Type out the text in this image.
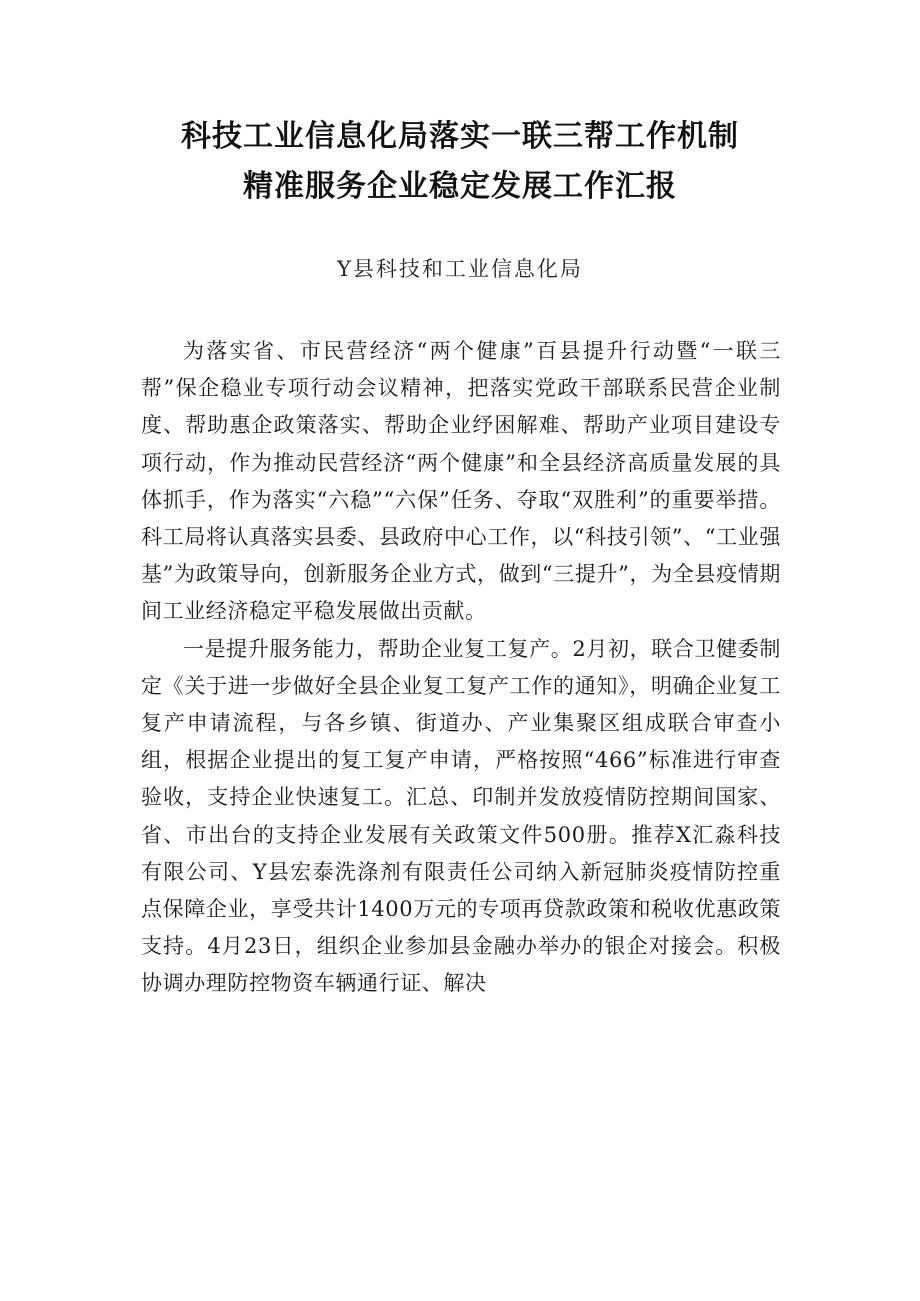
科技工业信息化局落实一联三帮工作机制
精准服务企业稳定发展工作汇报
Y县科技和工业信息化局

为落实省、市民营经济“两个健康”百县提升行动暨“一联三帮”保企稳业专项行动会议精神，把落实党政干部联系民营企业制度、帮助惠企政策落实、帮助企业纾困解难、帮助产业项目建设专项行动，作为推动民营经济“两个健康”和全县经济高质量发展的具体抓手，作为落实“六稳”“六保”任务、夺取“双胜利”的重要举措。科工局将认真落实县委、县政府中心工作，以“科技引领”、“工业强基”为政策导向，创新服务企业方式，做到“三提升”，为全县疫情期间工业经济稳定平稳发展做出贡献。

一是提升服务能力，帮助企业复工复产。2月初，联合卫健委制定《关于进一步做好全县企业复工复产工作的通知》，明确企业复工复产申请流程，与各乡镇、街道办、产业集聚区组成联合审查小组，根据企业提出的复工复产申请，严格按照“466”标准进行审查验收，支持企业快速复工。汇总、印制并发放疫情防控期间国家、省、市出台的支持企业发展有关政策文件500册。推荐X汇淼科技有限公司、Y县宏泰洗涤剂有限责任公司纳入新冠肺炎疫情防控重点保障企业，享受共计1400万元的专项再贷款政策和税收优惠政策支持。4月23日，组织企业参加县金融办举办的银企对接会。积极协调办理防控物资车辆通行证、解决
